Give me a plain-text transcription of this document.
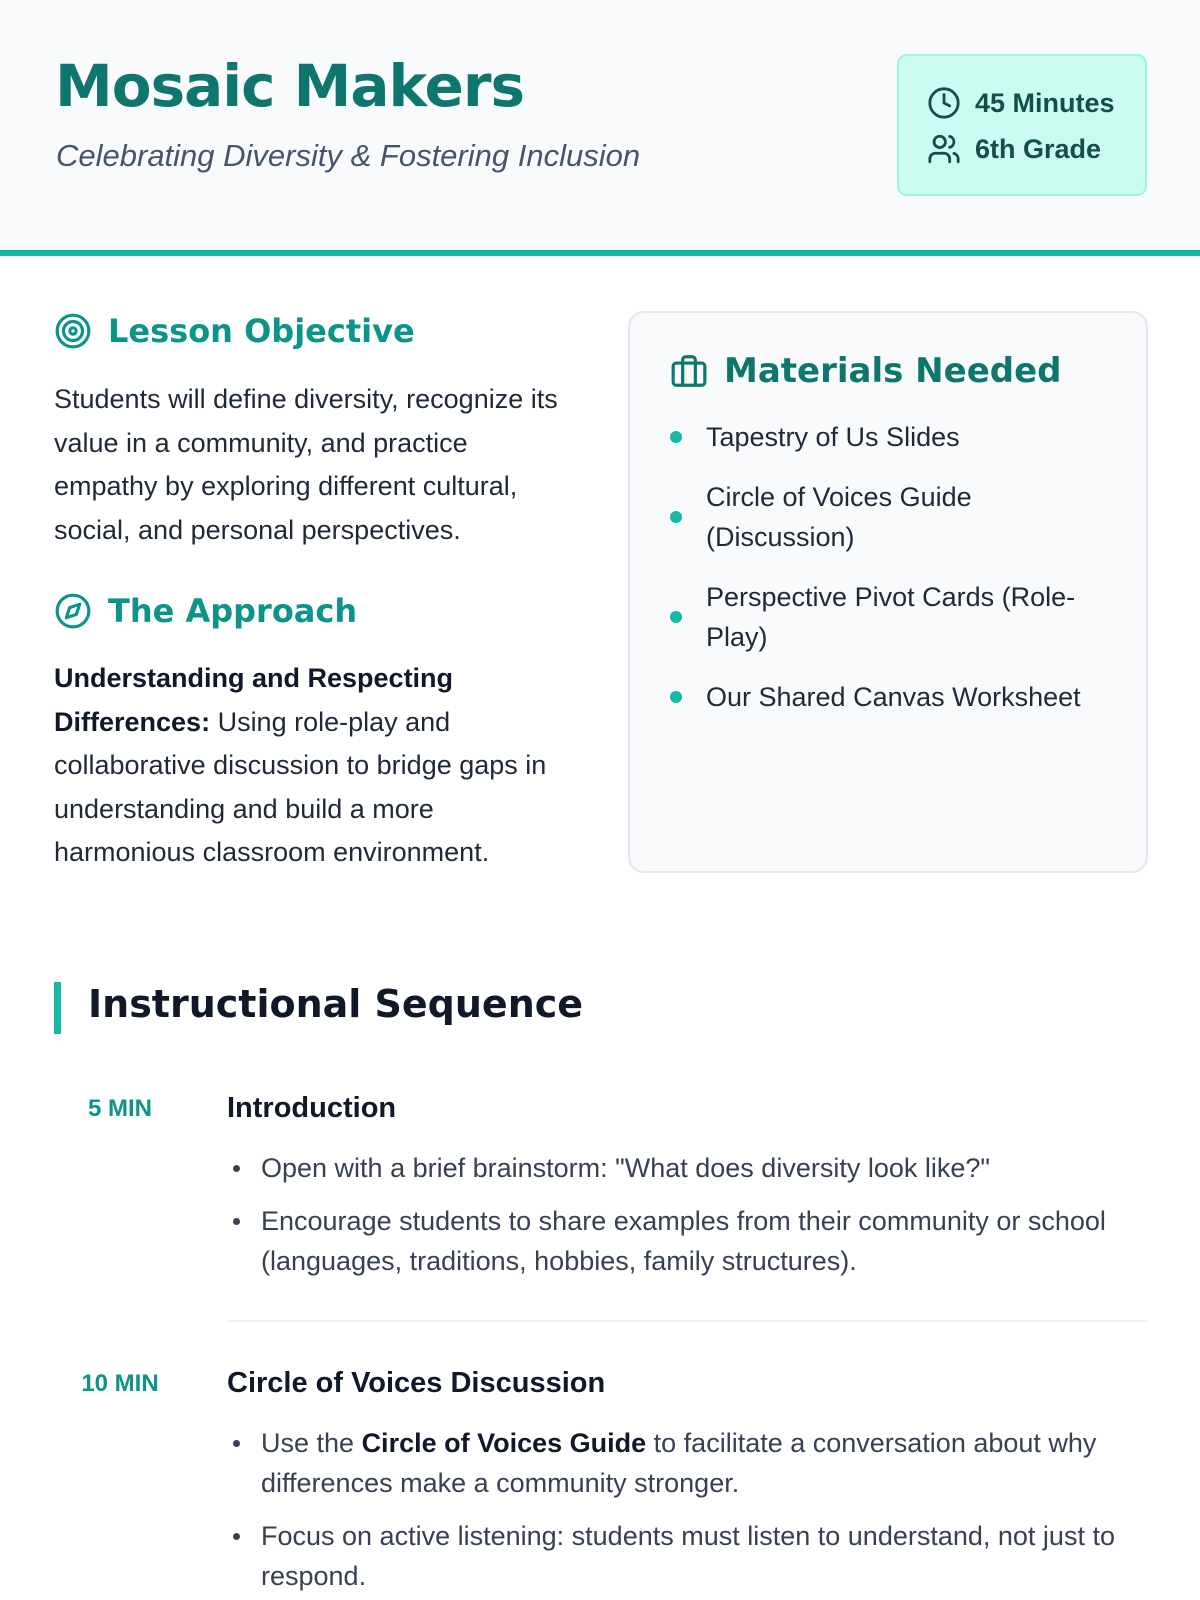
Mosaic Makers
Celebrating Diversity & Fostering Inclusion
45 Minutes
6th Grade
Lesson Objective

Students will define diversity, recognize its value in a community, and practice empathy by exploring different cultural, social, and personal perspectives.

The Approach

Understanding and Respecting Differences: Using role-play and collaborative discussion to bridge gaps in understanding and build a more harmonious classroom environment.

Materials Needed
Tapestry of Us Slides
Circle of Voices Guide (Discussion)
Perspective Pivot Cards (Role-Play)
Our Shared Canvas Worksheet
Instructional Sequence
5 MIN	Introduction
Open with a brief brainstorm: "What does diversity look like?"
Encourage students to share examples from their community or school (languages, traditions, hobbies, family structures).
10 MIN	Circle of Voices Discussion
Use the Circle of Voices Guide to facilitate a conversation about why differences make a community stronger.
Focus on active listening: students must listen to understand, not just to respond.
